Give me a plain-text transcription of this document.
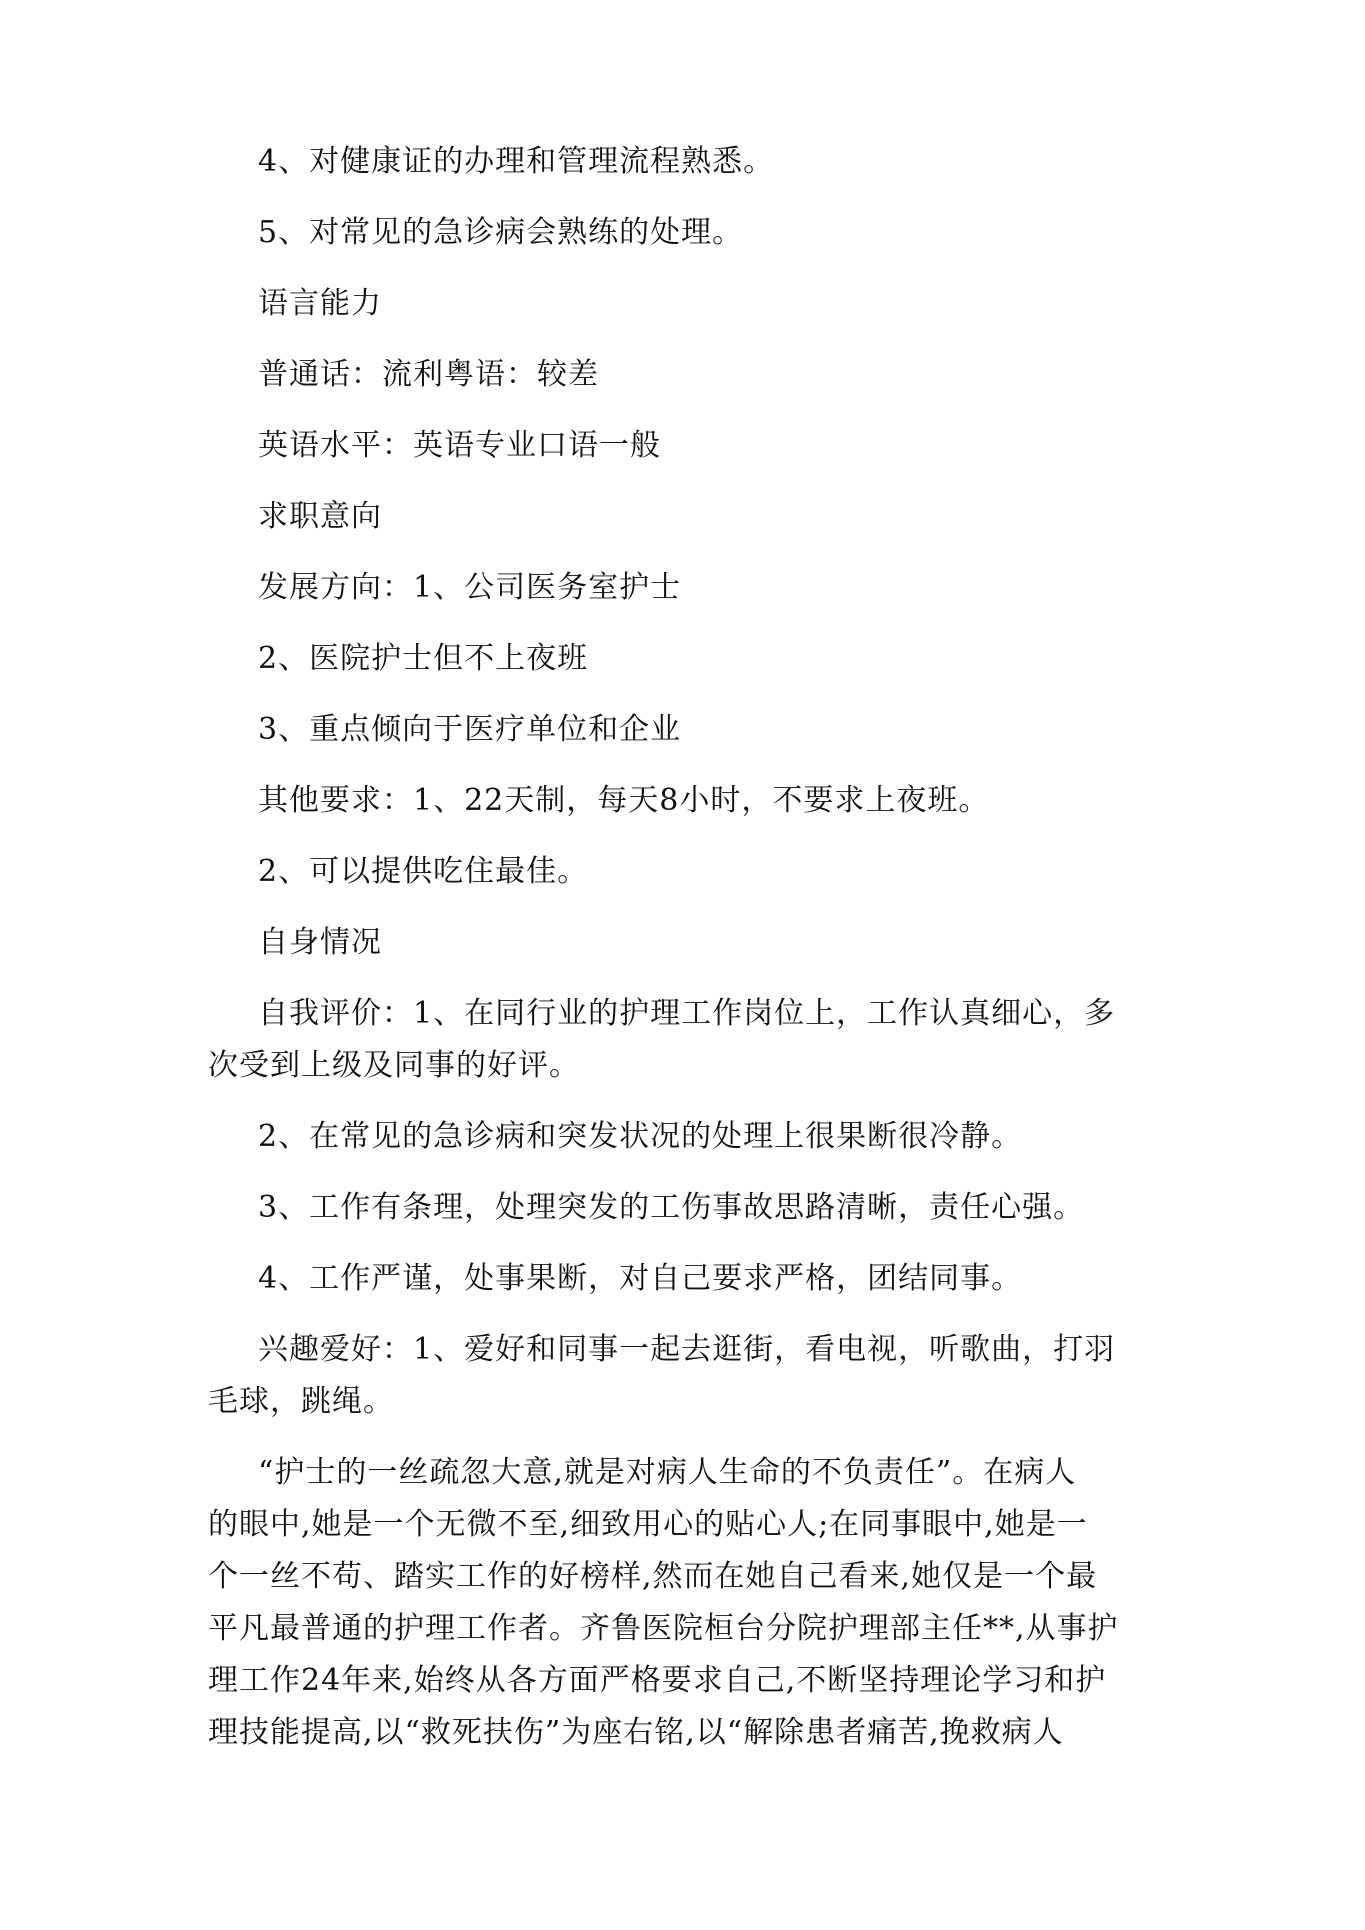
4、对健康证的办理和管理流程熟悉。
5、对常见的急诊病会熟练的处理。
语言能力
普通话：流利粤语：较差
英语水平：英语专业口语一般
求职意向
发展方向：1、公司医务室护士
2、医院护士但不上夜班
3、重点倾向于医疗单位和企业
其他要求：1、22天制，每天8小时，不要求上夜班。
2、可以提供吃住最佳。
自身情况
自我评价：1、在同行业的护理工作岗位上，工作认真细心，多
次受到上级及同事的好评。
2、在常见的急诊病和突发状况的处理上很果断很冷静。
3、工作有条理，处理突发的工伤事故思路清晰，责任心强。
4、工作严谨，处事果断，对自己要求严格，团结同事。
兴趣爱好：1、爱好和同事一起去逛街，看电视，听歌曲，打羽
毛球，跳绳。
“护士的一丝疏忽大意,就是对病人生命的不负责任”。在病人
的眼中,她是一个无微不至,细致用心的贴心人;在同事眼中,她是一
个一丝不苟、踏实工作的好榜样,然而在她自己看来,她仅是一个最
平凡最普通的护理工作者。齐鲁医院桓台分院护理部主任**,从事护
理工作24年来,始终从各方面严格要求自己,不断坚持理论学习和护
理技能提高,以“救死扶伤”为座右铭,以“解除患者痛苦,挽救病人
